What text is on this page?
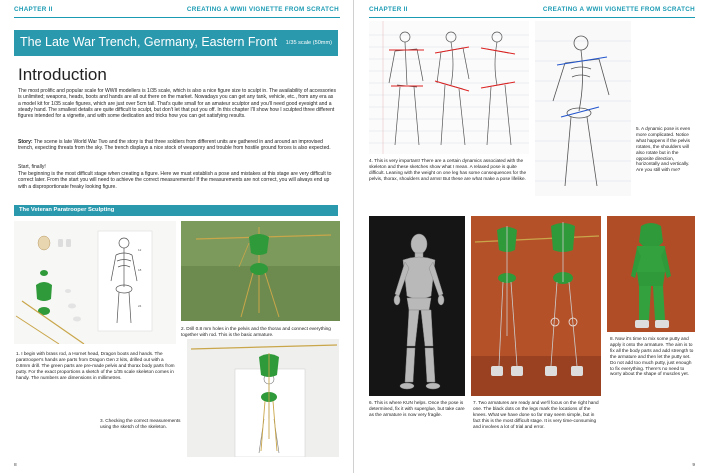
CHAPTER II	CREATING A WWII VIGNETTE FROM SCRATCH
The Late War Trench, Germany, Eastern Front 1/35 scale (50mm)
Introduction
The most prolific and popular scale for WWII modellers is 1/35 scale, which is also a nice figure size to sculpt in. The availability of accessories is unlimited; weapons, heads, boots and hands are all out there on the market. Nowadays you can get any tank, vehicle, etc., from any era as a model kit for 1/35 scale figures, which are just over 5cm tall. That's quite small for an amateur sculptor and you'll need good eyesight and a steady hand. The smallest details are quite difficult to sculpt, but don't let that put you off. In this chapter I'll show how I sculpted three different figures intended for a vignette, and with some dedication and tricks how you can get satisfying results.
Story: The scene is late World War Two and the story is that three soldiers from different units are gathered in and around an improvised trench, expecting threats from the sky. The trench displays a nice stock of weaponry and trouble from hostile ground forces is also expected.
Start, finally!
The beginning is the most difficult stage when creating a figure. Here we must establish a pose and mistakes at this stage are very difficult to correct later. From the start you will need to achieve the correct measurements! If the measurements are not correct, you will always end up with a disproportionate freaky looking figure.
The Veteran Paratrooper Sculpting
12
18
24
2. Drill 0.8 mm holes in the pelvis and the thorax and connect everything together with rod. This is the basic armature.
1. I begin with brass rod, a Hornet head, Dragon boots and hands. The paratrooper's hands are parts from Dragon Gen 2 kits, drilled out with a 0.8mm drill. The green parts are pre-made pelvis and thorax body parts from putty. For the exact proportions a sketch of the 1/35 scale skeleton comes in handy. The numbers are dimensions in millimetres.
3. Checking the correct measurements using the sketch of the skeleton.
8
CHAPTER II	CREATING A WWII VIGNETTE FROM SCRATCH
4. This is very important! There are a certain dynamics associated with the skeleton and these sketches show what I mean. A relaxed pose is quite difficult. Leaning with the weight on one leg has some consequences for the pelvis, thorax, shoulders and arms! But these are what make a pose lifelike.
5. A dynamic pose is even more complicated. Notice what happens if the pelvis rotates, the shoulders will also rotate but in the opposite direction, horizontally and vertically. Are you still with me?
6. This is where KUN helps. Once the pose is determined, fix it with superglue, but take care as the armature is now very fragile.
7. Two armatures are ready and we'll focus on the right hand one. The black dots on the legs mark the locations of the knees. What we have done so far may seem simple, but in fact this is the most difficult stage. It is very time-consuming and involves a lot of trial and error.
8. Now it's time to mix some putty and apply it onto the armature. The aim is to fix all the body parts and add strength to the armature and then let the putty set. Do not add too much putty, just enough to fix everything. There's no need to worry about the shape of muscles yet.
9
